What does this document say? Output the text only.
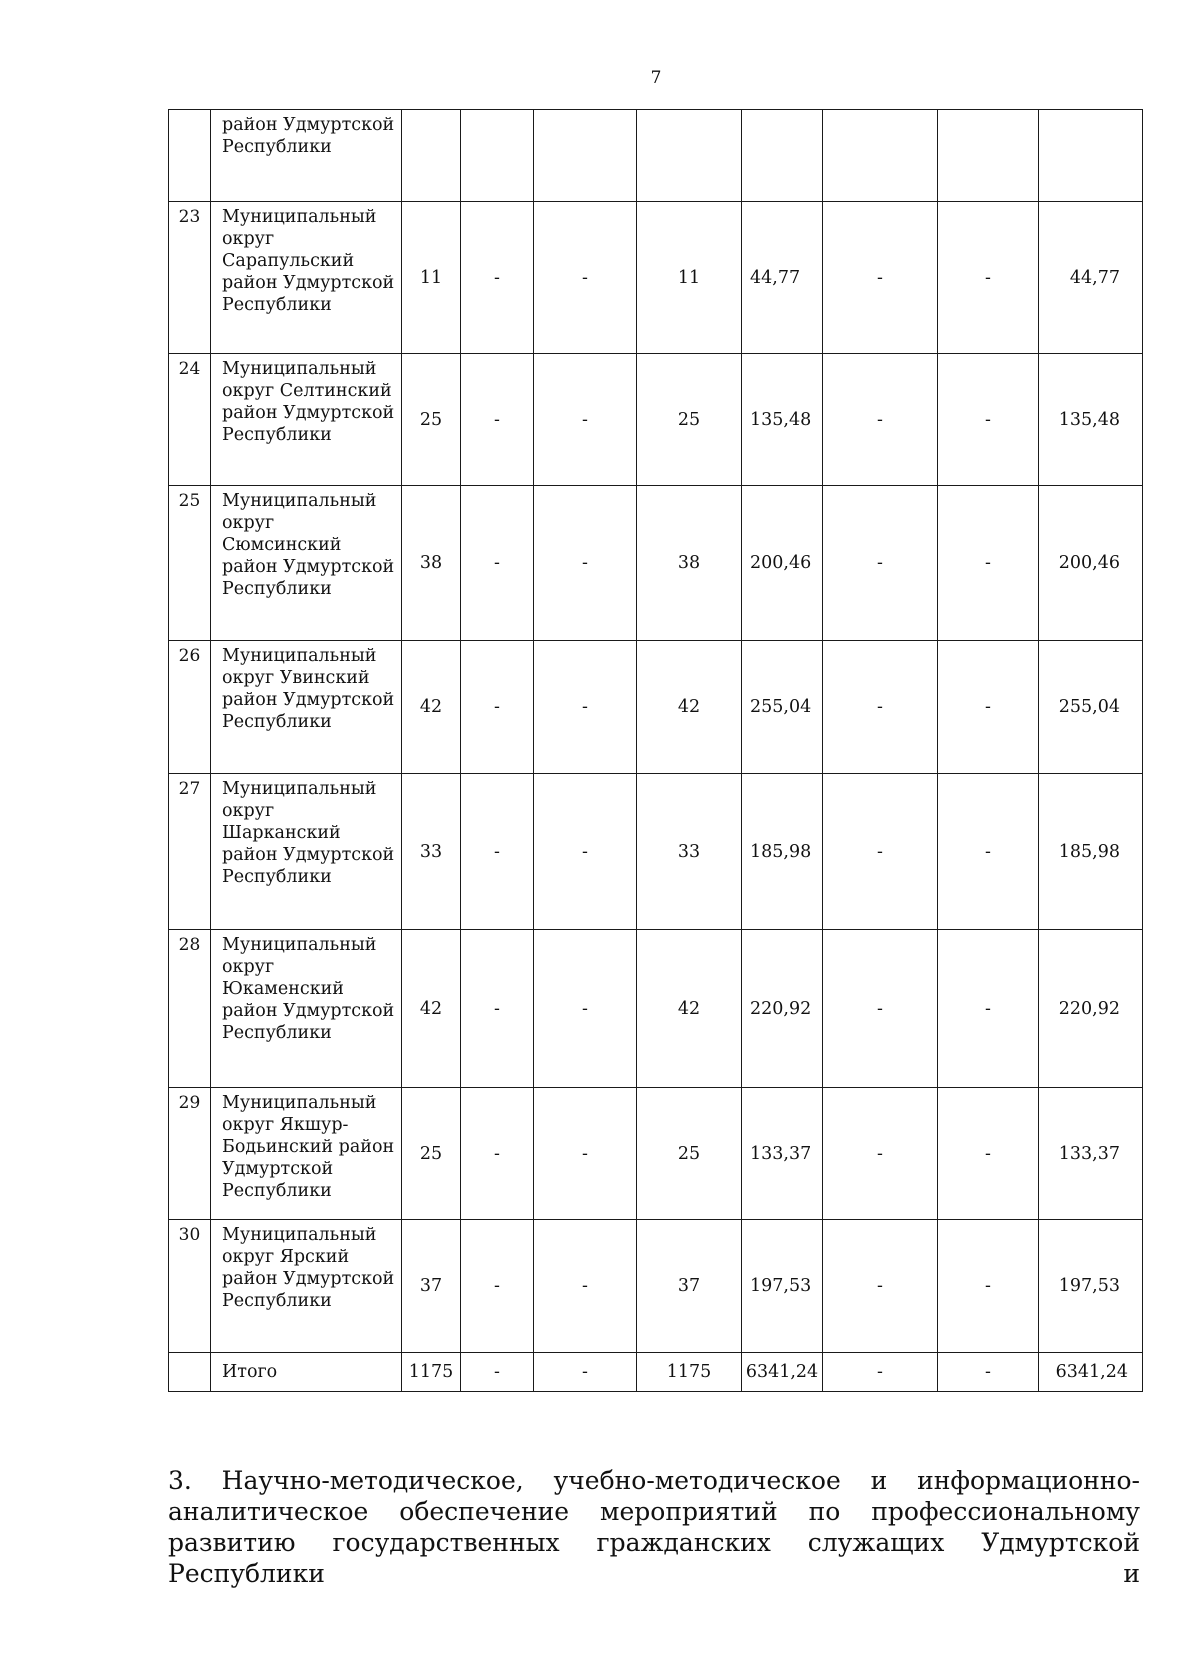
7
	район Удмуртской Республики								
23	Муниципальный округ Сарапульский район Удмуртской Республики	11	-	-	11	44,77	-	-	44,77
24	Муниципальный округ Селтинский район Удмуртской Республики	25	-	-	25	135,48	-	-	135,48
25	Муниципальный округ Сюмсинский район Удмуртской Республики	38	-	-	38	200,46	-	-	200,46
26	Муниципальный округ Увинский район Удмуртской Республики	42	-	-	42	255,04	-	-	255,04
27	Муниципальный округ Шарканский район Удмуртской Республики	33	-	-	33	185,98	-	-	185,98
28	Муниципальный округ Юкаменский район Удмуртской Республики	42	-	-	42	220,92	-	-	220,92
29	Муниципальный округ Якшур-Бодьинский район Удмуртской Республики	25	-	-	25	133,37	-	-	133,37
30	Муниципальный округ Ярский район Удмуртской Республики	37	-	-	37	197,53	-	-	197,53
	Итого	1175	-	-	1175	6341,24	-	-	6341,24

3. Научно-методическое, учебно-методическое и информационно-аналитическое обеспечение мероприятий по профессиональному развитию государственных гражданских служащих Удмуртской Республики и
